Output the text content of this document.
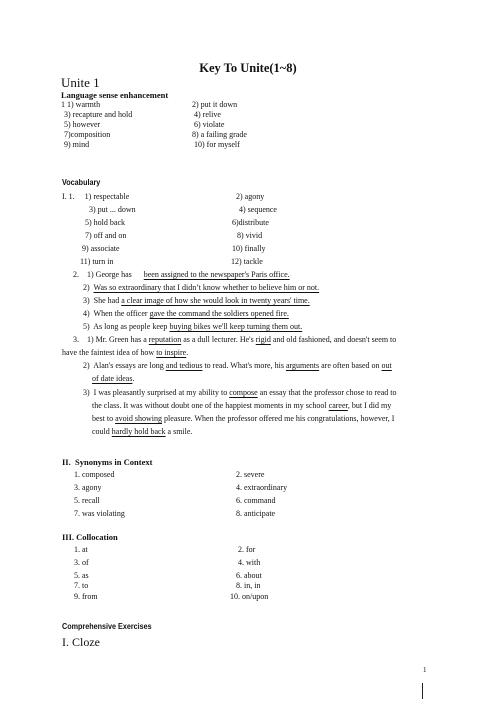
Key To Unite(1~8)
Unite 1
Language sense enhancement
1 1) warmth	2) put it down
3) recapture and hold	4) relive
5) however	6) violate
7)composition	8) a failing grade
9) mind	10) for myself
Vocabulary
I. 1.     1) respectable	2) agony
3) put ... down	4) sequence
5) hold back	6)distribute
7) off and on	8) vivid
9) associate	10) finally
11) turn in	12) tackle
2.    1) George has      been assigned to the newspaper's Paris office.
2)  Was so extraordinary that I didn’t know whether to believe him or not.
3)  She had a clear image of how she would look in twenty years' time.
4)  When the officer gave the command the soldiers opened fire.
5)  As long as people keep buying bikes we'll keep turning them out.
3.    1) Mr. Green has a reputation as a dull lecturer. He's rigid and old fashioned, and doesn't seem to
have the faintest idea of how to inspire.
2)  Alan's essays are long and tedious to read. What's more, his arguments are often based on out
of date ideas.
3)  I was pleasantly surprised at my ability to compose an essay that the professor chose to read to
the class. It was without doubt one of the happiest moments in my school career, but I did my
best to avoid showing pleasure. When the professor offered me his congratulations, however, I
could hardly hold back a smile.
II.  Synonyms in Context
1. composed	2. severe
3. agony	4. extraordinary
5. recall	6. command
7. was violating	8. anticipate
III. Collocation
1. at	2. for
3. of	4. with
5. as	6. about
7. to	8. in, in
9. from	10. on/upon
Comprehensive Exercises
I. Cloze
1
